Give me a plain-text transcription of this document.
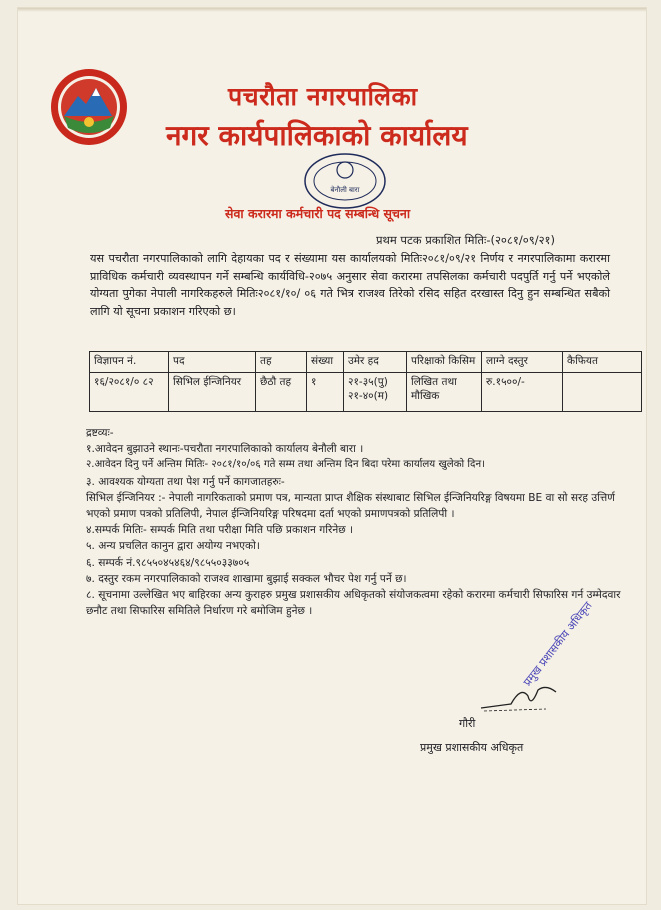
पचरौता नगरपालिका
नगर कार्यपालिकाको कार्यालय
बेनौली बारा
सेवा करारमा कर्मचारी पद सम्बन्धि सूचना
प्रथम पटक प्रकाशित मितिः-(२०८१/०९/२१)
यस पचरौता नगरपालिकाको लागि देहायका पद र संख्यामा यस कार्यालयको मितिः२०८१/०९/२१ निर्णय र नगरपालिकामा करारमा प्राविधिक कर्मचारी व्यवस्थापन गर्ने सम्बन्धि कार्यविधि-२०७५ अनुसार सेवा करारमा तपसिलका कर्मचारी पदपुर्ति गर्नु पर्ने भएकोले योग्यता पुगेका नेपाली नागरिकहरुले मितिः२०८१/१०/ ०६ गते भित्र राजश्व तिरेको रसिद सहित दरखास्त दिनु हुन सम्बन्धित सबैको लागि यो सूचना प्रकाशन गरिएको छ।
विज्ञापन नं.	पद	तह	संख्या	उमेर हद	परिक्षाको किसिम	लाग्ने दस्तुर	कैफियत
१६/२०८१/० ८२	सिभिल ईन्जिनियर	छैठौ तह	१	२१-३५(पु) २१-४०(म)	लिखित तथा मौखिक	रु.१५००/-	
द्रष्टव्यः-
१.आवेदन बुझाउने स्थानः-पचरौता नगरपालिकाको कार्यालय बेनौली बारा ।
२.आवेदन दिनु पर्ने अन्तिम मितिः- २०८१/१०/०६ गते सम्म तथा अन्तिम दिन बिदा परेमा कार्यालय खुलेको दिन।
३. आवश्यक योग्यता तथा पेश गर्नु पर्ने कागजातहरुः-
सिभिल ईन्जिनियर :- नेपाली नागरिकताको प्रमाण पत्र, मान्यता प्राप्त शैक्षिक संस्थाबाट सिभिल ईन्जिनियरिङ्ग विषयमा BE वा सो सरह उत्तिर्ण भएको प्रमाण पत्रको प्रतिलिपी, नेपाल ईन्जिनियरिङ्ग परिषदमा दर्ता भएको प्रमाणपत्रको प्रतिलिपी ।
४.सम्पर्क मितिः- सम्पर्क मिति तथा परीक्षा मिति पछि प्रकाशन गरिनेछ ।
५. अन्य प्रचलित कानुन द्वारा अयोग्य नभएको।
६. सम्पर्क नं.९८५५०४५४६४/९८५५०३३७०५
७. दस्तुर रकम नगरपालिकाको राजश्व शाखामा बुझाई सक्कल भौचर पेश गर्नु पर्ने छ।
८. सूचनामा उल्लेखित भए बाहिरका अन्य कुराहरु प्रमुख प्रशासकीय अधिकृतको संयोजकत्वमा रहेको करारमा कर्मचारी सिफारिस गर्न उम्मेदवार छनौट तथा सिफारिस समितिले निर्धारण गरे बमोजिम हुनेछ ।	प्रमुख प्रशासकीय अधिकृत
गौरी
प्रमुख प्रशासकीय अधिकृत
